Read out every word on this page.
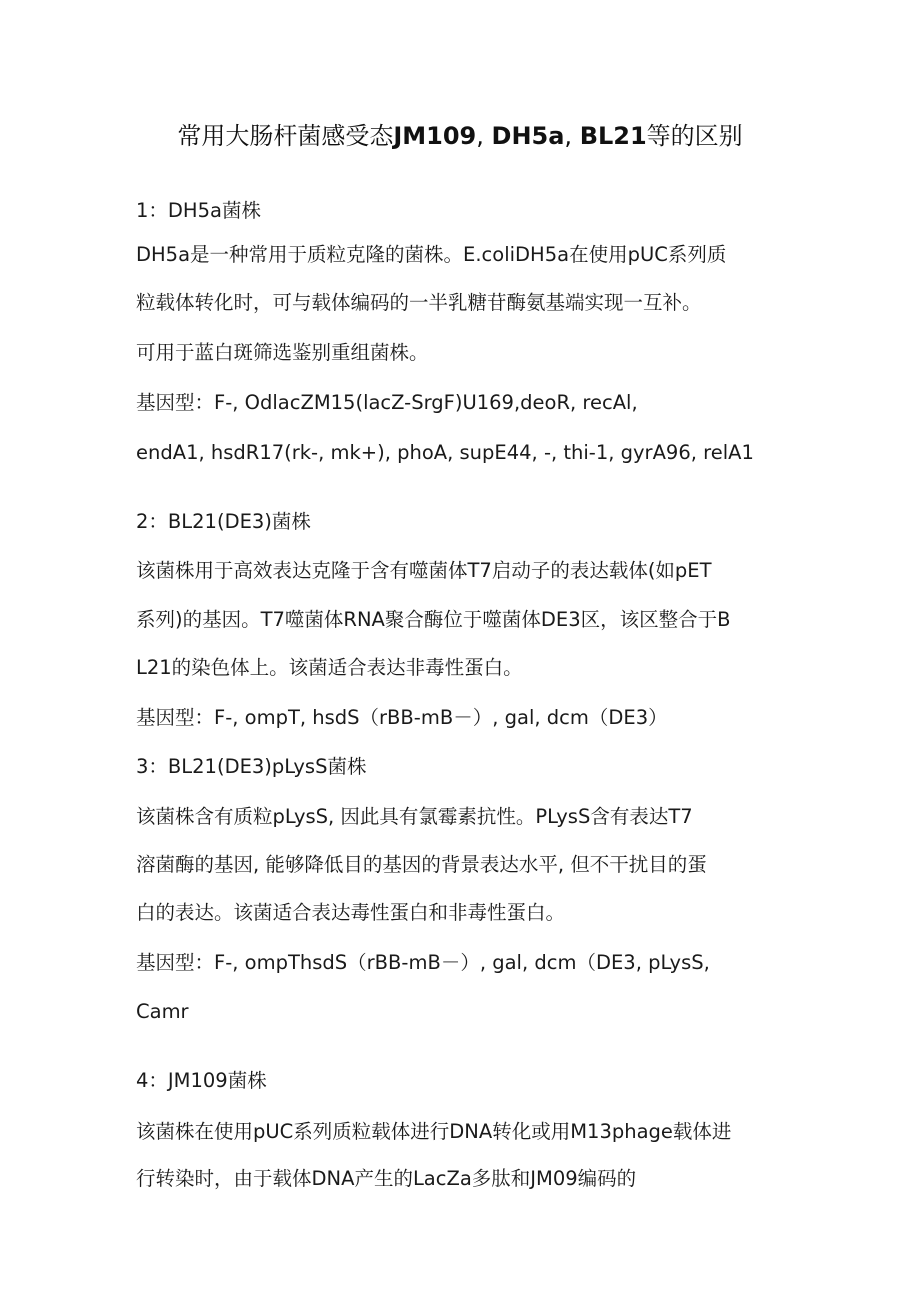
常用大肠杆菌感受态JM109, DH5a, BL21等的区别
1：DH5a菌株
DH5a是一种常用于质粒克隆的菌株。E.coliDH5a在使用pUC系列质
粒载体转化时，可与载体编码的一半乳糖苷酶氨基端实现一互补。
可用于蓝白斑筛选鉴别重组菌株。
基因型：F-, OdlacZM15(lacZ-SrgF)U169,deoR, recAl,
endA1, hsdR17(rk-, mk+), phoA, supE44, -, thi-1, gyrA96, relA1
2：BL21(DE3)菌株
该菌株用于高效表达克隆于含有噬菌体T7启动子的表达载体(如pET
系列)的基因。T7噬菌体RNA聚合酶位于噬菌体DE3区，该区整合于B
L21的染色体上。该菌适合表达非毒性蛋白。
基因型：F-, ompT, hsdS（rBB-mB－）, gal, dcm（DE3）
3：BL21(DE3)pLysS菌株
该菌株含有质粒pLysS, 因此具有氯霉素抗性。PLysS含有表达T7
溶菌酶的基因, 能够降低目的基因的背景表达水平, 但不干扰目的蛋
白的表达。该菌适合表达毒性蛋白和非毒性蛋白。
基因型：F-, ompThsdS（rBB-mB－）, gal, dcm（DE3, pLysS,
Camr
4：JM109菌株
该菌株在使用pUC系列质粒载体进行DNA转化或用M13phage载体进
行转染时，由于载体DNA产生的LacZa多肽和JM09编码的
